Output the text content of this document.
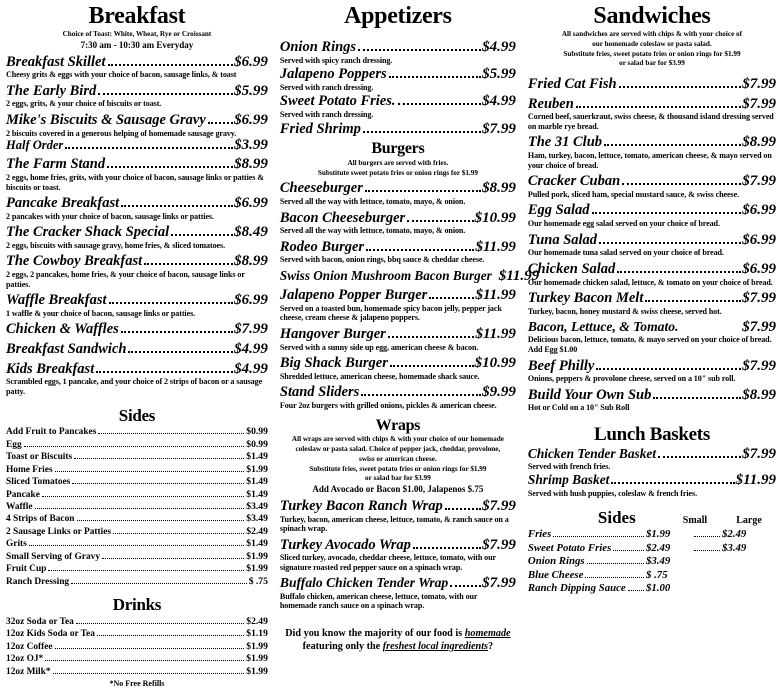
Breakfast
Choice of Toast: White, Wheat, Rye or Croissant
7:30 am - 10:30 am Everyday
Breakfast Skillet	$6.99
Cheesy grits & eggs with your choice of bacon, sausage links, & toast
The Early Bird	$5.99
2 eggs, grits, & your choice of biscuits or toast.
Mike's Biscuits & Sausage Gravy $6.99
2 biscuits covered in a generous helping of homemade sausage gravy.
Half Order	$3.99
The Farm Stand	$8.99
2 eggs, home fries, grits, with your choice of bacon, sausage links or patties & biscuits or toast.
Pancake Breakfast	$6.99
2 pancakes with your choice of bacon, sausage links or patties.
The Cracker Shack Special	$8.49
2 eggs, biscuits with sausage gravy, home fries, & sliced tomatoes.
The Cowboy Breakfast	$8.99
2 eggs, 2 pancakes, home fries, & your choice of bacon, sausage links or patties.
Waffle Breakfast	$6.99
1 waffle & your choice of bacon, sausage links or patties.
Chicken & Waffles	$7.99
Breakfast Sandwich	$4.99
Kids Breakfast	$4.99
Scrambled eggs, 1 pancake, and your choice of 2 strips of bacon or a sausage patty.
Sides
Add Fruit to Pancakes	$0.99
Egg	$0.99
Toast or Biscuits	$1.49
Home Fries	$1.99
Sliced Tomatoes	$1.49
Pancake	$1.49
Waffle	$3.49
4 Strips of Bacon	$3.49
2 Sausage Links or Patties	$2.49
Grits	$1.49
Small Serving of Gravy	$1.99
Fruit Cup	$1.99
Ranch Dressing	$ .75
Drinks
32oz Soda or Tea	$2.49
12oz Kids Soda or Tea	$1.19
12oz Coffee	$1.99
12oz OJ*	$1.99
12oz Milk*	$1.99
*No Free Refills
Appetizers
Onion Rings	$4.99
Served with spicy ranch dressing.
Jalapeno Poppers	$5.99
Served with ranch dressing.
Sweet Potato Fries.	$4.99
Served with ranch dressing.
Fried Shrimp	$7.99
Burgers
All burgers are served with fries.
Substitute sweet potato fries or onion rings for $1.99
Cheeseburger	$8.99
Served all the way with lettuce, tomato, mayo, & onion.
Bacon Cheeseburger	$10.99
Served all the way with lettuce, tomato, mayo, & onion.
Rodeo Burger	$11.99
Served with bacon, onion rings, bbq sauce & cheddar cheese.
Swiss Onion Mushroom Bacon Burger $11.99
Jalapeno Popper Burger	$11.99
Served on a toasted bun, homemade spicy bacon jelly, pepper jack cheese, cream cheese & jalapeno poppers.
Hangover Burger	$11.99
Served with a sunny side up egg, american cheese & bacon.
Big Shack Burger	$10.99
Shredded lettuce, american cheese, homemade shack sauce.
Stand Sliders	$9.99
Four 2oz burgers with grilled onions, pickles & american cheese.
Wraps
All wraps are served with chips & with your choice of our homemade
coleslaw or pasta salad. Choice of pepper jack, cheddar, provolone,
swiss or american cheese.
Substitute fries, sweet potato fries or onion rings for $1.99
or salad bar for $3.99
Add Avocado or Bacon $1.00, Jalapenos $.75
Turkey Bacon Ranch Wrap	$7.99
Turkey, bacon, american cheese, lettuce, tomato, & ranch sauce on a spinach wrap.
Turkey Avocado Wrap	$7.99
Sliced turkey, avocado, cheddar cheese, lettuce, tomato, with our signature roasted red pepper sauce on a spinach wrap.
Buffalo Chicken Tender Wrap $7.99
Buffalo chicken, american cheese, lettuce, tomato, with our homemade ranch sauce on a spinach wrap.
Did you know the majority of our food is homemade
featuring only the freshest local ingredients?
Sandwiches
All sandwiches are served with chips & with your choice of
our homemade coleslaw or pasta salad.
Substitute fries, sweet potato fries or onion rings for $1.99
or salad bar for $3.99
Fried Cat Fish	$7.99
Reuben	$7.99
Corned beef, sauerkraut, swiss cheese, & thousand island dressing served on marble rye bread.
The 31 Club	$8.99
Ham, turkey, bacon, lettuce, tomato, american cheese, & mayo served on your choice of bread.
Cracker Cuban	$7.99
Pulled pork, sliced ham, special mustard sauce, & swiss cheese.
Egg Salad	$6.99
Our homemade egg salad served on your choice of bread.
Tuna Salad	$6.99
Our homemade tuna salad served on your choice of bread.
Chicken Salad	$6.99
Our homemade chicken salad, lettuce, & tomato on your choice of bread.
Turkey Bacon Melt	$7.99
Turkey, bacon, honey mustard & swiss cheese, served hot.
Bacon, Lettuce, & Tomato.	$7.99
Delicious bacon, lettuce, tomato, & mayo served on your choice of bread. Add Egg $1.00
Beef Philly	$7.99
Onions, peppers & provolone cheese, served on a 10" sub roll.
Build Your Own Sub	$8.99
Hot or Cold on a 10" Sub Roll
Lunch Baskets
Chicken Tender Basket	$7.99
Served with french fries.
Shrimp Basket	$11.99
Served with hush puppies, coleslaw & french fries.
Sides	Small	Large
Fries	$1.99	$2.49
Sweet Potato Fries	$2.49	$3.49
Onion Rings	$3.49
Blue Cheese	$ .75
Ranch Dipping Sauce $1.00
